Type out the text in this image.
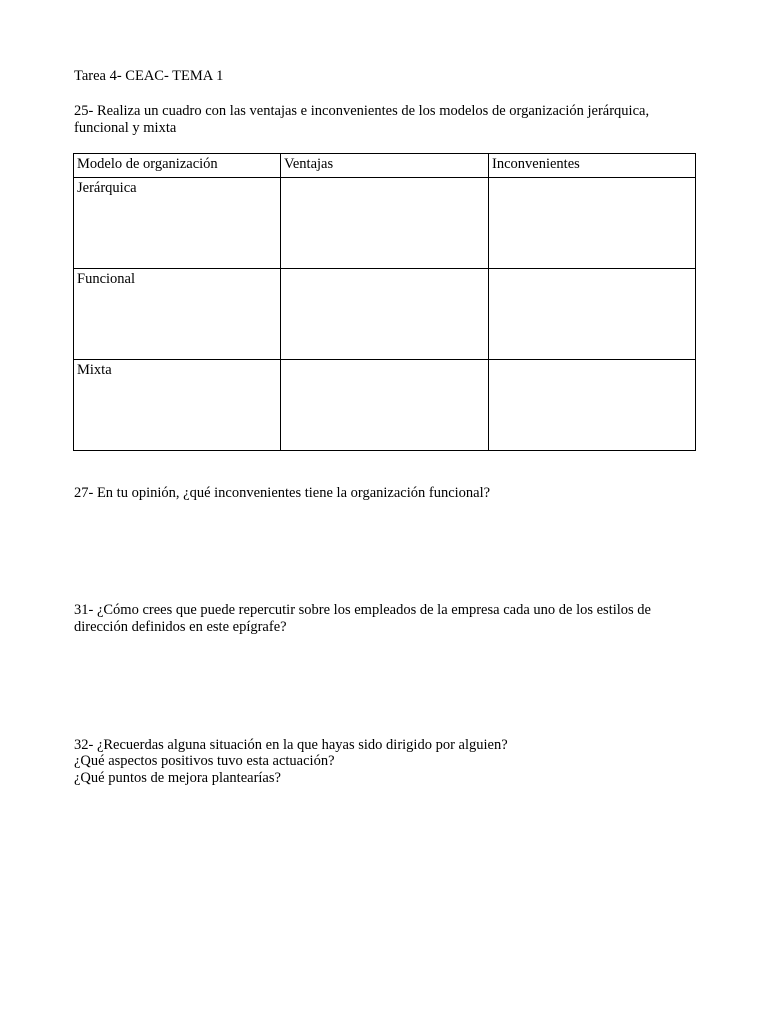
Tarea 4- CEAC- TEMA 1
25- Realiza un cuadro con las ventajas e inconvenientes de los modelos de organización jerárquica,
funcional y mixta
Modelo de organización	Ventajas	Inconvenientes
Jerárquica		
Funcional		
Mixta		
27- En tu opinión, ¿qué inconvenientes tiene la organización funcional?
31- ¿Cómo crees que puede repercutir sobre los empleados de la empresa cada uno de los estilos de
dirección definidos en este epígrafe?
32- ¿Recuerdas alguna situación en la que hayas sido dirigido por alguien?
¿Qué aspectos positivos tuvo esta actuación?
¿Qué puntos de mejora plantearías?
